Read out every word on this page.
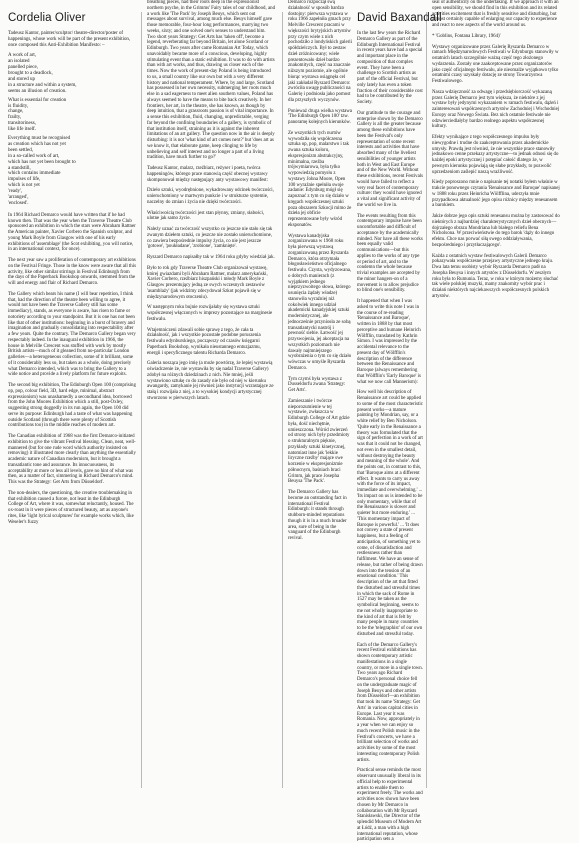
Cordelia Oliver

Tadeusz Kantor, painter/sculptor/ theatre-director/poster of happenings, whose work will be part of the present exhibition, once composed this Anti-Exhibition Manifesto: –

A work of art,
an isolated
panelled piece,
brought to a deadlock,
and stored up
in a structure and within a system,
seems an illusion of creation.
What is essential for creation
is fluidity,
change,
frailty,
transitoriness,
like life itself.
Everything must be recognised
as creation which has not yet
been settled,
in a so-called work of art,
which has not yet been brought to
a standstill,
which contains immediate
impulses of life,
which is not yet
'ready',
'arranged',
'enclosed'.

In 1964 Richard Demarco would have written that if he had known then. That was the year when the Traverse Theatre Club sponsored an exhibition in which the stars were Abraham Rattner the American painter, Xavier Corbero the Spanish sculptor, and young Mark Boyle from Glasgow with one of his early exhibitions of 'assemblage' (the Scot exhibiting, you will notice, in an international context, for once).

The next year saw a proliferation of contemporary art exhibitions on the Festival Fringe. Those in the know were aware that all this activity, like other similar stirrings in Festival Edinburgh from the days of the Paperback Bookshop onwards, stemmed from the will and energy and flair of Richard Demarco.

The Gallery which bears his name (I will bear repetition, I think that, had the direction of the theatre been willing to agree, it would not have been the Traverse Gallery still has some immediacy), stands, as everyone is aware, has risen to fame or notoriety according to your standpoint. But it is one has not been like that of other institutions: beginning in a burst of bravery and imagination and gradually consolidating into respectability after a few years. Quite the contrary. The Demarco Gallery began very respectably indeed. In the inaugural exhibition in 1966, the house in Melville Crescent was stuffed with work by mostly British artists—much of it gleaned from no-particular London galleries—a heterogeneous collection, some of it brilliant, some of it considerably less so, but taken as a whole, doing precisely what Demarco intended, which was to bring the Gallery to a wide notice and provide a lively platform for future exploits.

The second big exhibition, The Edinburgh Open 100 (comprising op, pop, colour field, 3D, hard edge, minimal, abstract expressionism) was unashamedly a secondhand idea, borrowed from the John Moores Exhibition which a still, post-Oxley, suggesting strong doggedly in its run again, the Open 100 did serve its purpose: Edinburgh had a taste of what was happening outside Scotland (through there were plenty of Scottish contributions too) in the middle reaches of modern art.

The Canadian exhibition of 1968 was the first Demarco-initiated exhibition to give the vibrant Festival blessing. Clean, neat, well-mannered (but for one rude word which authority insisted on removing) it illustrated more clearly than anything the essentially academic nature of Canadian modernism, but it brought a transatlantic tone and assurance. Its innocuousness, its acceptability at more or less all levels, gave no hint of what was then, as a matter of fact, simmering in Richard Demarco's mind. This was the Strategy: Get Arts from Düsseldorf.

The non-dealers, the questioning, the creative troublemaking in that exhibition caused a furore, not least in the Edinburgh College of Art, where it was, somewhat reluctantly, housed. The ox-roast in it were pieces of structured beauty, art as anyone's rites, like 'light lyrical sculptures' for example works which, like Weseler's fuzzy

breathing pieces, had their roots deep in the expressionist northern psyche, in the Grimms' Fairy tales of our childhood, and a work like 'The Pack' by Joseph Beuys, which sent out messages about survival, among much else. Beuys himself gave those memorable, four-hour long performances, marrying two weeks, sixty; and one solved one's senses to understand him. Two short years Strategy: Get Arts has 'taken off', become a legend, reverberating far beyond Britain, let alone Scotland or Edinburgh. Two years after came Romanian Art Today, which unavoidably became more of a conscious, developing, highly stimulating event than a static exhibition. It was to do with artists than with art works, and thus, drawing us closer each of the times. Now the work of present-day Poland is being introduced to us, a small country like our own but with a very different history and national temperament. Where, by and large, Scotland has possessed in her own necessity, submerging her roots much else in a sad eagerness to meet alien southern values, Poland has always seemed to have the means to bite back creatively. In her frontiers, her art, in the theatre, she has known, as though by deep intuition, that a grassroots passion is of vital importance. In a sense this exhibition, fluid, changing, unpredictable, verging far beyond the confining boundaries of a gallery, is symbolic of that institution itself, straining as it is against the inherent limitations of an art gallery. The question now in the air is deeply disturbing: it is not 'what kind of art comes next?' but 'does art as we know it, that elaborate game, keep clinging to life by unbelieving and self interest and no longer a part of a living tradition, have much further to go?'

Tadeusz Kantor, malarz, rzeźbiarz, reżyser i poeta, twórca happeningów, którego prace stanowią część obecnej wystawy skomponował między następujący anty wystawowy manifest:

Dzieło sztuki, wyodrębnione, wykadrowany odcinek twórczości, unieruchomiony w martwym punkcie i w strukturze systemie, naczelny do zmian i życia nie dzięki twórczości.

Właściwością twórczości jest stan płynny, zmiany, słabości, ulotne jak samo życie.

Należy uznać za twórczość wszystko co jeszcze nie stało się tak zwanym dziełem sztuki, co jeszcze nie zostało unieruchomione, co zawiera bezpośrednie impulsy życia, co nie jest jeszcze 'gotowe', 'poukładane', 'zrobione', 'zamknięte'.

Ryszard Demarco napisałby tak w 1964 roku gdyby wiedział jak.

Było to rok gdy Traverse Theatre Club organizował wystawę, której gwiazdami byli Abraham Rattner, malarz amerykański, Xavier Corbero, rzeźbiarz hiszpański i młody Mark Boyle z Glasgow prezentujący jedną ze swych wczesnych zestawów 'asamblaży' (jak widzimy zdecydował Szkot pojawił się w międzynarodowym otoczeniu).

W następnym roku bujnie rozwijałaby się wystawa sztuki współczesnej włączonych w imprezy pozostające na marginesie festiwalu.

Wtajemniczeni zdawali sobie sprawę z tego, że cała ta działalność, jak i wszystkie pozostałe podobne poruszenia festiwalu edynburskiego, począwszy od czasów księgarni Paperback Bookshop, wynikała nieustannego entuzjazmu, energii i specyficznego talentu Richarda Demarco.

Galeria nosząca jego imię (a może powtórzę, że lepiej wystawią oświadczenie że, nie wystawiła by się nadal Traverse Gallery) zdobył na różnych dziedzinach z nich. Nie mniej, jeśli wystawiono sztukę co do zasady nie było od niej w kierunku awangardy, zamykanie jej również jako instytucji wzrastające ze stałą i rozwijała z niej, a to wysokiej kondycji artystycznej stworzono w pierwszych latach.

Demarco rozpoczął swą działalność w sposób bardzo dostojny: pierwsza wystawa w roku 1966 zapełniła gmach przy Melville Crescent pracami w większości brytyjskich artystów przy czym wiele z nich pochodziło z londyńskich galerii spółdzielczych. Był to zestaw dzieł zróżnicowany; wiele prezentowało dzieł bardzo znakomitych, część na znacznie niższym poziomie, ale ogólnie biorąc wystawa osiągnęła cel jaki zakładał Ryszard Demarco: zwróciła uwagę publiczności na Galerię i podniosła jako pomost dla przyszłych wyczynów.

Ponieważ druga wielka wystawa 'The Edinburgh Open 100' tzw. panoramę kolejnych kierunków.

Ze wszystkich tych nurtów wywodziła się współczesna sztuka op, pop, malarstwo i tak zwana sztuka koloru, ekspresjonizm abstrakcyjny, minimalna, rzeźba trójwymiarowa, była tylko wypowiedzią pomysłu z wystawy Johna Moore, Open 100 wyraźnie spełniła swoje zadanie: Edynburg mógł się zapoznać z tym co się działo w kręgach współczesnej sztuki poza obszarem Szkocji mimo że dzieła jej obficie reprezentowane były wśród eksponatów.

Wystawa kanadyjska zorganizowana w 1968 roku była pierwszą wystawą zorganizowaną przez Ryszarda Demarco, która otrzymała błogosławieństwo oficjalnego festiwalu. Czysta, wydyzowana, o dobrych manierach (z wyjątkiem jednego nieprzyzwoitego słowa, którego usunięcia żądały władze) stanowiła wyraźniej niż cokolwiek innego udział akademicki kanadyjskiej sztuki modernistycznej, ale jednocześnie przyniosła ze sobą transatlantycki nastrój i pewność siebie. Łatwość jej przyswojenia, jej akceptacja na wszystkich poziomach nie dawały najmniejszego wyobrażenia o tym co się działo wówczas w umyśle Ryszarda Demarco.

Tym czymś była wystawa z Dusseldorfu zwana 'Strategy: Get Arts'.

Zamieszanie i twórcze nieporozumienie w tej wystawie, zwłaszcza w Edinburgh College of Art gdzie była, dość niechętnie, umieszczona. Wśród zwierzeń od strony nich były przedmioty o strukturalnym pięknie, przykłady sztuki kinetycznej, natomiast inne jak 'lekkie liryczne rzeźby' mające swe korzenie w ekspresjonizmie północnym, baśniach braci Grimm, jak prace Josepha Beuysa 'The Pack'.

The Demarco Gallery has become an outstanding fact in international Festival Edinburgh: it stands through stubborn-minded reputations though it is in a much broader area, sure of being in the vanguard of the Edinburgh revival.

seal of authenticity on the undertaking. If we approach it with an open sensibility, we should find in this exhibition and its related activities excitement that is freshly sensitive and disturbing, but almost certainly capable of enlarging our capacity to experience and react to new aspects of the world around us.

* 'Goblins, Fontana Library, 1964)'

Wystawy organizowane przez Galerię Ryszarda Demarco w ramach Międzynarodowych Festiwali w Edynburgu stanowiły w ostatnich latach szczególnie ważną część tego złożonego wydarzenia. Zostały one zaakceptowane przez organizatorów jako część oficjalnego festiwalu, ale nieomalże wyjątkowo tylko ostatnimi czasy uzyskały dotację ze strony Towarzystwa Festiwalowego.

Nasza wdzięczność za odwagę i przedsiębiorczość wykazaną przez Galerię Demarco jest tym większa, że niektóre z jej wystaw były jedynymi wykazaniem w ramach festiwalu, dążeń i zainteresowań współczesnych artystów Zachodniej i Wschodniej Europy oraz Nowego Świata. Bez nich ostatnie festiwale nie odzwierciedlałyby bardzo realnego aspektu współczesnej kultury.

Efekty wynikające z tego współczesnego impulsu były niewygodne i trudne do zaakceptowania przez akademickie umysły. Prawdą jest również, że nie wszystkie prace stanowiły jednakowo cenne przekazy artystyczne—to jednak odnosi się do każdej epoki artystycznej i potępiać całość dlatego że, w pewnym kierunku pojawiają się słabe przykłady, to pozwolić uprzedzeniom zaślepić naszą wrażliwość.

Kiedy poproszono mnie o napisanie tej notatki byłem właśnie w trakcie ponownego czytania 'Renaissance and Baroque' napisanej w 1888 roku przez Heinricha Wölfflina, uderzyła mnie przypadkowa aktualność jego opisu różnicy między renesansem a barokiem.

Jakże dobrze jego opis sztuki renesansu można by zastosować do niektórych z najbardziej charakterystycznych dzieł obecnych—dojrzałego obrazu Mondriana lub białego reliefu Bena Nicholsona. W przeciwieństwie do tego barok 'dąży do innego efektu. Chce nas porwać siłą swego oddziaływania, bezpośredniego i przytłaczającego'.

Każda z ostatnich wystaw festiwalowych Galerii Demarco pokazywała współczesne przejawy artystyczne jednego kraju. Dwa lata temu osobisty wybór Ryszarda Demarco padł na Josepha Beuysa i innych artystów z Düsseldorfu. W zeszłym roku była to Rumunia. Teraz, w roku w którym możemy słuchać tak wiele polskiej muzyki, mamy znakomity wybór prac i działań niektórych najciekawszych współczesnych polskich artystów.

David Baxandall

In the last few years the Richard Demarco Gallery as part of the Edinburgh International Festival in recent years have had a special and important place in the composition of that complex event. They have been a challenge to Scottish artists as part of the official Festival, but only lately has even a token fraction of their considerable cost had to be contributed by the Society.

Our gratitude to the courage and enterprise shown by the Demarco Gallery is all the greater because among these exhibitions have been the Festival's only representation of some recent interests and activities that have absorbed many of the liveliest sensibilities of younger artists both in West and East Europe and of the New World. Without these exhibitions, recent Festivals would have failed to reflect a very real facet of contemporary culture: they would have ignored a vital and significant activity of the world we live in.

The events resulting from this contemporary impulse have been uncomfortable and difficult of acceptance by the academically minded. Nor have all these works been equally valid communications—but this applies to the works of any type or period of art, and to the condemn the whole because trivial examples are accepted by the minor hangers-on of a movement is to allow prejudice to blind one's sensibility.

It happened that when I was asked to write this note I was in the course of re-reading 'Renaissance and Baroque', written in 1888 by that most perceptive and humane Heinrich Wölfflin, translated by Kathrin Simon. I was impressed by the accidental relevance to the present day of Wölfflin's description of the difference between the Renaissance and Baroque (always remembering that Wölfflin's 'Early Baroque' is what we now call Mannerism):

How well his description of Renaissance art could be applied to some of the most characteristic present works—a mature painting by Mondrian, say, or a white relief by Ben Nicholson. 'Quite early in the Renaissance a theory was formulated that the sign of perfection in a work of art was that it could not be changed, not even in the smallest detail, without destroying the beauty and meaning of the whole'. And the points out, in contrast to this, that 'Baroque aims at a different effect. It wants to carry us away with the force of its impact, immediate and overwhelming.' ... 'Its impact on us is intended to be only momentary, while that of the Renaissance is slower and quieter but more enduring.' ... 'This momentary impact of Baroque is powerful.' ... 'It does not convey a state of present happiness, but a feeling of anticipation, of something yet to come, of dissatisfaction and restlessness rather than fulfilment. We have an sense of release, but rather of being drawn down into the tension of an emotional condition.' This description of the art that fitted the disturbed and stressful times in which the sack of Rome in 1527 may be taken as the symbolical beginning, seems to me not wholly inappropriate to the kind of art that is felt by many people in many countries to be the 'telegraphist' of our own disturbed and stressful today.

Each of the Demarco Gallery's recent Festival exhibitions has shown contemporary artistic manifestations in a single country, or more in a single town. Two years ago Richard Demarco's personal choice fell on the undergraduate magic of Joseph Beuys and other artists from Düsseldorf—an exhibition that took its name 'Strategy: Get Arts' in various capital cities in Europe. Last year it was Romania. Now, appropriately in a year when we can enjoy so much recent Polish music in the Festival's concerts, we have a brilliant selection of works and activities by some of the most interesting contemporary Polish artists.

Practical sense reminds the most observant unusually liberal in its official help to experimental artists to enable them to experiment freely. The works and activities now shown have been chosen by Mr Demarco in collaboration with Mr Ryszard Stanisławski, the Director of the splendid Museum of Modern Art at Łódź, a man with a high international reputation, whose participation sets a
